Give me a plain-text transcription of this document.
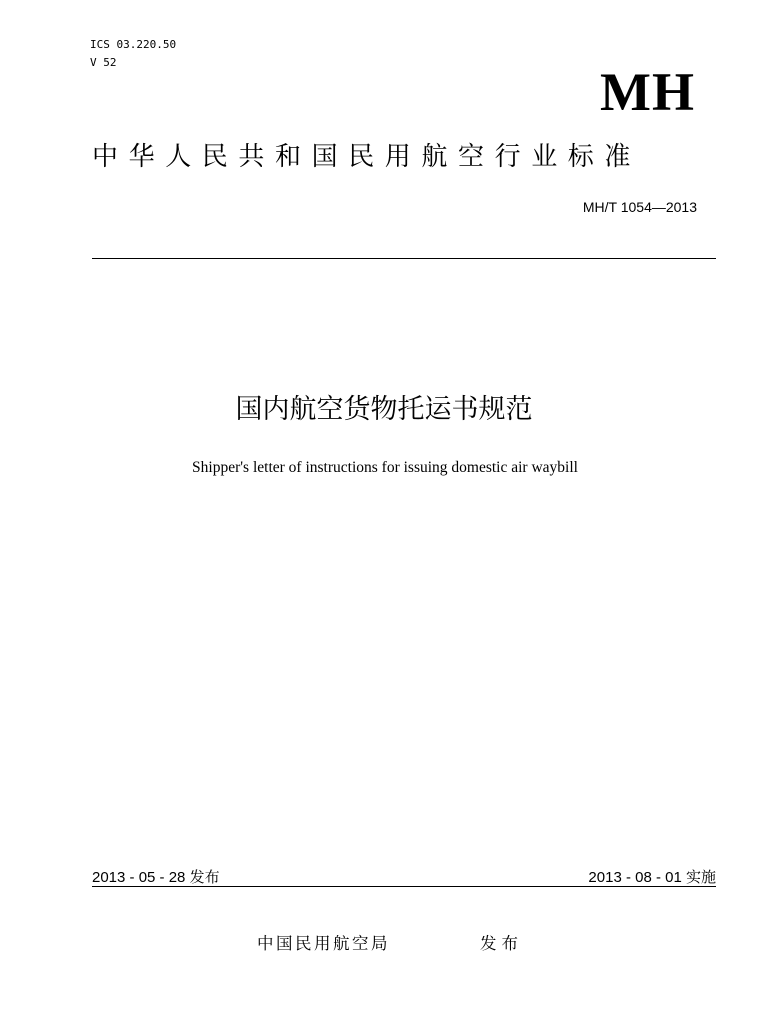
ICS 03.220.50
V 52	MH
中华人民共和国民用航空行业标准
MH/T 1054—2013
国内航空货物托运书规范
Shipper's letter of instructions for issuing domestic air waybill
2013 - 05 - 28 发布	2013 - 08 - 01 实施
中国民用航空局	发布
